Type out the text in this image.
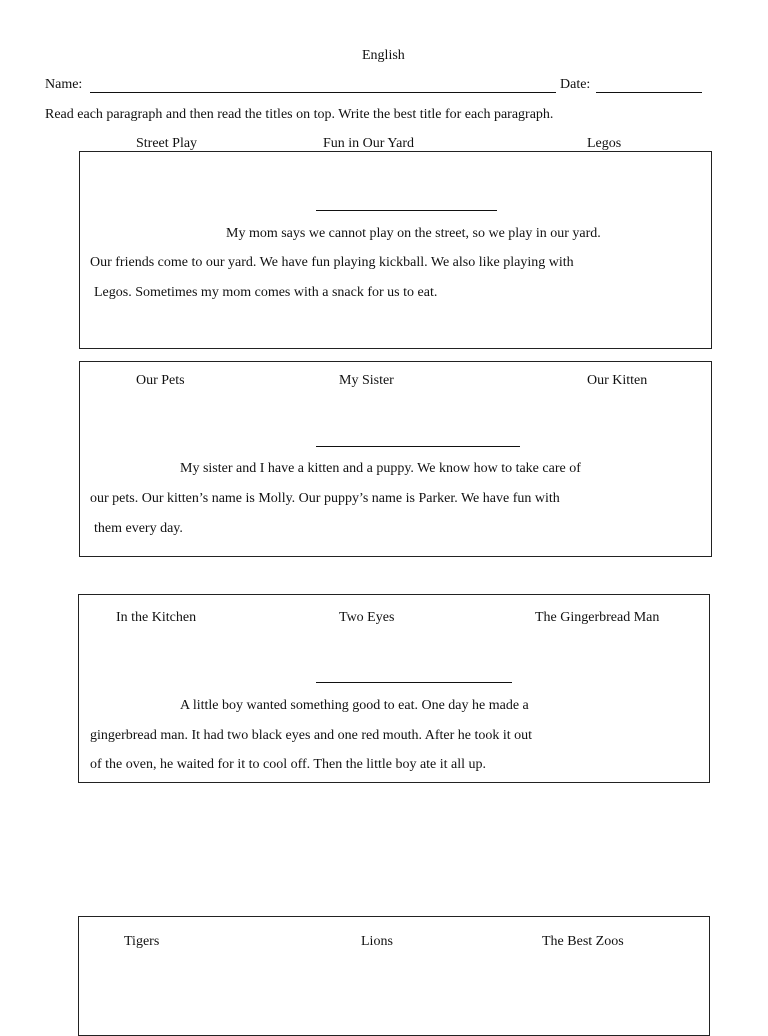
English
Name:	Date:
Read each paragraph and then read the titles on top. Write the best title for each paragraph.
Street Play	Fun in Our Yard	Legos
My mom says we cannot play on the street, so we play in our yard.
Our friends come to our yard. We have fun playing kickball. We also like playing with
Legos. Sometimes my mom comes with a snack for us to eat.
Our Pets	My Sister	Our Kitten
My sister and I have a kitten and a puppy. We know how to take care of
our pets. Our kitten’s name is Molly. Our puppy’s name is Parker. We have fun with
them every day.
In the Kitchen	Two Eyes	The Gingerbread Man
A little boy wanted something good to eat. One day he made a
gingerbread man. It had two black eyes and one red mouth. After he took it out
of the oven, he waited for it to cool off. Then the little boy ate it all up.
Tigers	Lions	The Best Zoos
